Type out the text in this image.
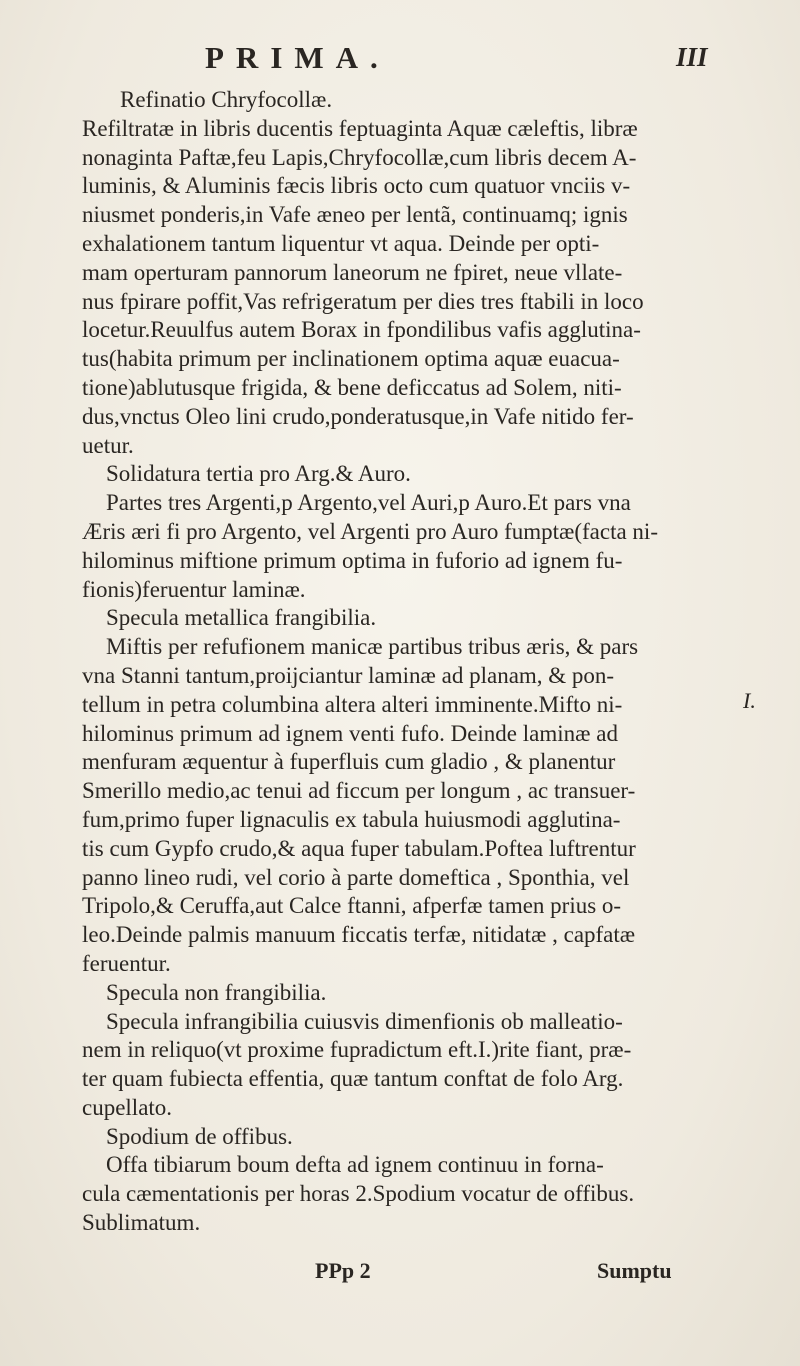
PRIMA.	III
Refinatio Chryfocollæ.
Refiltratæ in libris ducentis feptuaginta Aquæ cæleftis, libræ
nonaginta Paftæ,feu Lapis,Chryfocollæ,cum libris decem A-
luminis, & Aluminis fæcis libris octo cum quatuor vnciis v-
niusmet ponderis,in Vafe æneo per lentã, continuamq; ignis
exhalationem tantum liquentur vt aqua. Deinde per opti-
mam operturam pannorum laneorum ne fpiret, neue vllate-
nus fpirare poffit,Vas refrigeratum per dies tres ftabili in loco
locetur.Reuulfus autem Borax in fpondilibus vafis agglutina-
tus(habita primum per inclinationem optima aquæ euacua-
tione)ablutusque frigida, & bene deficcatus ad Solem, niti-
dus,vnctus Oleo lini crudo,ponderatusque,in Vafe nitido fer-
uetur.
Solidatura tertia pro Arg.& Auro.
Partes tres Argenti,p Argento,vel Auri,p Auro.Et pars vna
Æris æri fi pro Argento, vel Argenti pro Auro fumptæ(facta ni-
hilominus miftione primum optima in fuforio ad ignem fu-
fionis)feruentur laminæ.
Specula metallica frangibilia.
Miftis per refufionem manicæ partibus tribus æris, & pars
vna Stanni tantum,proijciantur laminæ ad planam, & pon-
tellum in petra columbina altera alteri imminente.Mifto ni-
hilominus primum ad ignem venti fufo. Deinde laminæ ad
menfuram æquentur à fuperfluis cum gladio , & planentur
Smerillo medio,ac tenui ad ficcum per longum , ac transuer-
fum,primo fuper lignaculis ex tabula huiusmodi agglutina-
tis cum Gypfo crudo,& aqua fuper tabulam.Poftea luftrentur
panno lineo rudi, vel corio à parte domeftica , Sponthia, vel
Tripolo,& Ceruffa,aut Calce ftanni, afperfæ tamen prius o-
leo.Deinde palmis manuum ficcatis terfæ, nitidatæ , capfatæ
feruentur.
Specula non frangibilia.
Specula infrangibilia cuiusvis dimenfionis ob malleatio-
nem in reliquo(vt proxime fupradictum eft.I.)rite fiant, præ-
ter quam fubiecta effentia, quæ tantum conftat de folo Arg.
cupellato.
Spodium de offibus.
Offa tibiarum boum defta ad ignem continuu in forna-
cula cæmentationis per horas 2.Spodium vocatur de offibus.
Sublimatum.
I.
PPp 2	Sumptu
